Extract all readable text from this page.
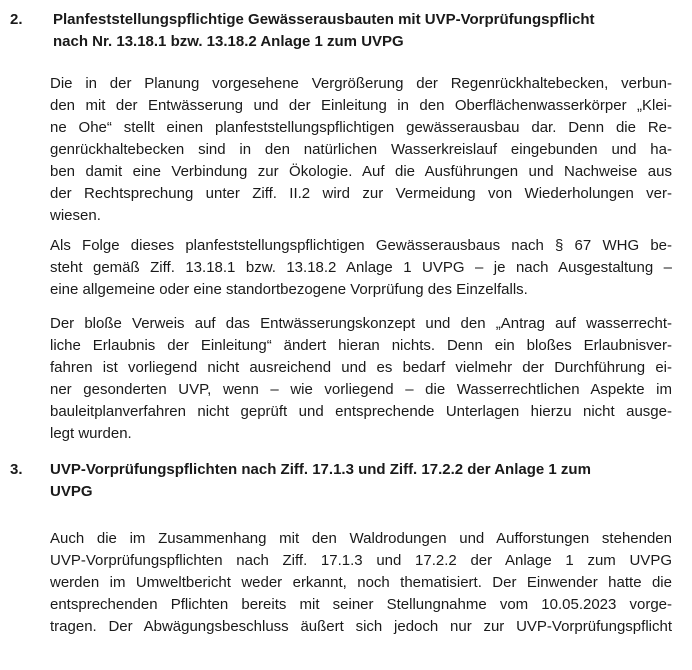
2. Planfeststellungspflichtige Gewässerausbauten mit UVP-Vorprüfungspflicht
nach Nr. 13.18.1 bzw. 13.18.2 Anlage 1 zum UVPG
Die in der Planung vorgesehene Vergrößerung der Regenrückhaltebecken, verbun-
den mit der Entwässerung und der Einleitung in den Oberflächenwasserkörper „Klei-
ne Ohe“ stellt einen planfeststellungspflichtigen gewässerausbau dar. Denn die Re-
genrückhaltebecken sind in den natürlichen Wasserkreislauf eingebunden und ha-
ben damit eine Verbindung zur Ökologie. Auf die Ausführungen und Nachweise aus
der Rechtsprechung unter Ziff. II.2 wird zur Vermeidung von Wiederholungen ver-
wiesen.
Als Folge dieses planfeststellungspflichtigen Gewässerausbaus nach § 67 WHG be-
steht gemäß Ziff. 13.18.1 bzw. 13.18.2 Anlage 1 UVPG – je nach Ausgestaltung –
eine allgemeine oder eine standortbezogene Vorprüfung des Einzelfalls.
Der bloße Verweis auf das Entwässerungskonzept und den „Antrag auf wasserrecht-
liche Erlaubnis der Einleitung“ ändert hieran nichts. Denn ein bloßes Erlaubnisver-
fahren ist vorliegend nicht ausreichend und es bedarf vielmehr der Durchführung ei-
ner gesonderten UVP, wenn – wie vorliegend – die Wasserrechtlichen Aspekte im
bauleitplanverfahren nicht geprüft und entsprechende Unterlagen hierzu nicht ausge-
legt wurden.
3. UVP-Vorprüfungspflichten nach Ziff. 17.1.3 und Ziff. 17.2.2 der Anlage 1 zum
UVPG
Auch die im Zusammenhang mit den Waldrodungen und Aufforstungen stehenden
UVP-Vorprüfungspflichten nach Ziff. 17.1.3 und 17.2.2 der Anlage 1 zum UVPG
werden im Umweltbericht weder erkannt, noch thematisiert. Der Einwender hatte die
entsprechenden Pflichten bereits mit seiner Stellungnahme vom 10.05.2023 vorge-
tragen. Der Abwägungsbeschluss äußert sich jedoch nur zur UVP-Vorprüfungspflicht
